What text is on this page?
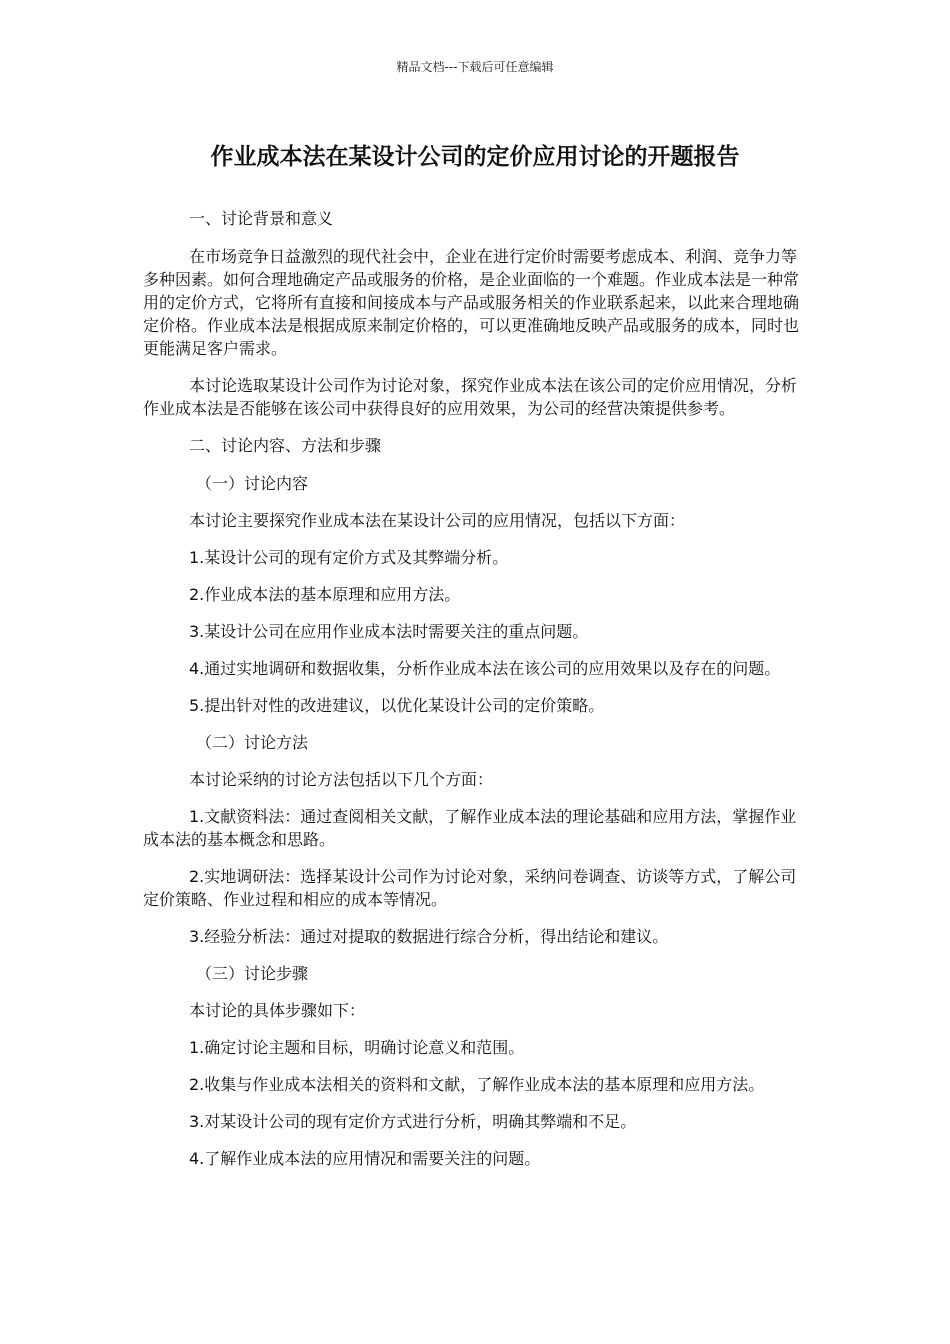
精品文档---下载后可任意编辑
作业成本法在某设计公司的定价应用讨论的开题报告

一、讨论背景和意义

在市场竞争日益激烈的现代社会中，企业在进行定价时需要考虑成本、利润、竞争力等多种因素。如何合理地确定产品或服务的价格，是企业面临的一个难题。作业成本法是一种常用的定价方式，它将所有直接和间接成本与产品或服务相关的作业联系起来，以此来合理地确定价格。作业成本法是根据成原来制定价格的，可以更准确地反映产品或服务的成本，同时也更能满足客户需求。

本讨论选取某设计公司作为讨论对象，探究作业成本法在该公司的定价应用情况，分析作业成本法是否能够在该公司中获得良好的应用效果，为公司的经营决策提供参考。

二、讨论内容、方法和步骤

（一）讨论内容

本讨论主要探究作业成本法在某设计公司的应用情况，包括以下方面：

1.某设计公司的现有定价方式及其弊端分析。

2.作业成本法的基本原理和应用方法。

3.某设计公司在应用作业成本法时需要关注的重点问题。

4.通过实地调研和数据收集，分析作业成本法在该公司的应用效果以及存在的问题。

5.提出针对性的改进建议，以优化某设计公司的定价策略。

（二）讨论方法

本讨论采纳的讨论方法包括以下几个方面：

1.文献资料法：通过查阅相关文献，了解作业成本法的理论基础和应用方法，掌握作业成本法的基本概念和思路。

2.实地调研法：选择某设计公司作为讨论对象，采纳问卷调查、访谈等方式，了解公司定价策略、作业过程和相应的成本等情况。

3.经验分析法：通过对提取的数据进行综合分析，得出结论和建议。

（三）讨论步骤

本讨论的具体步骤如下：

1.确定讨论主题和目标，明确讨论意义和范围。

2.收集与作业成本法相关的资料和文献，了解作业成本法的基本原理和应用方法。

3.对某设计公司的现有定价方式进行分析，明确其弊端和不足。

4.了解作业成本法的应用情况和需要关注的问题。
